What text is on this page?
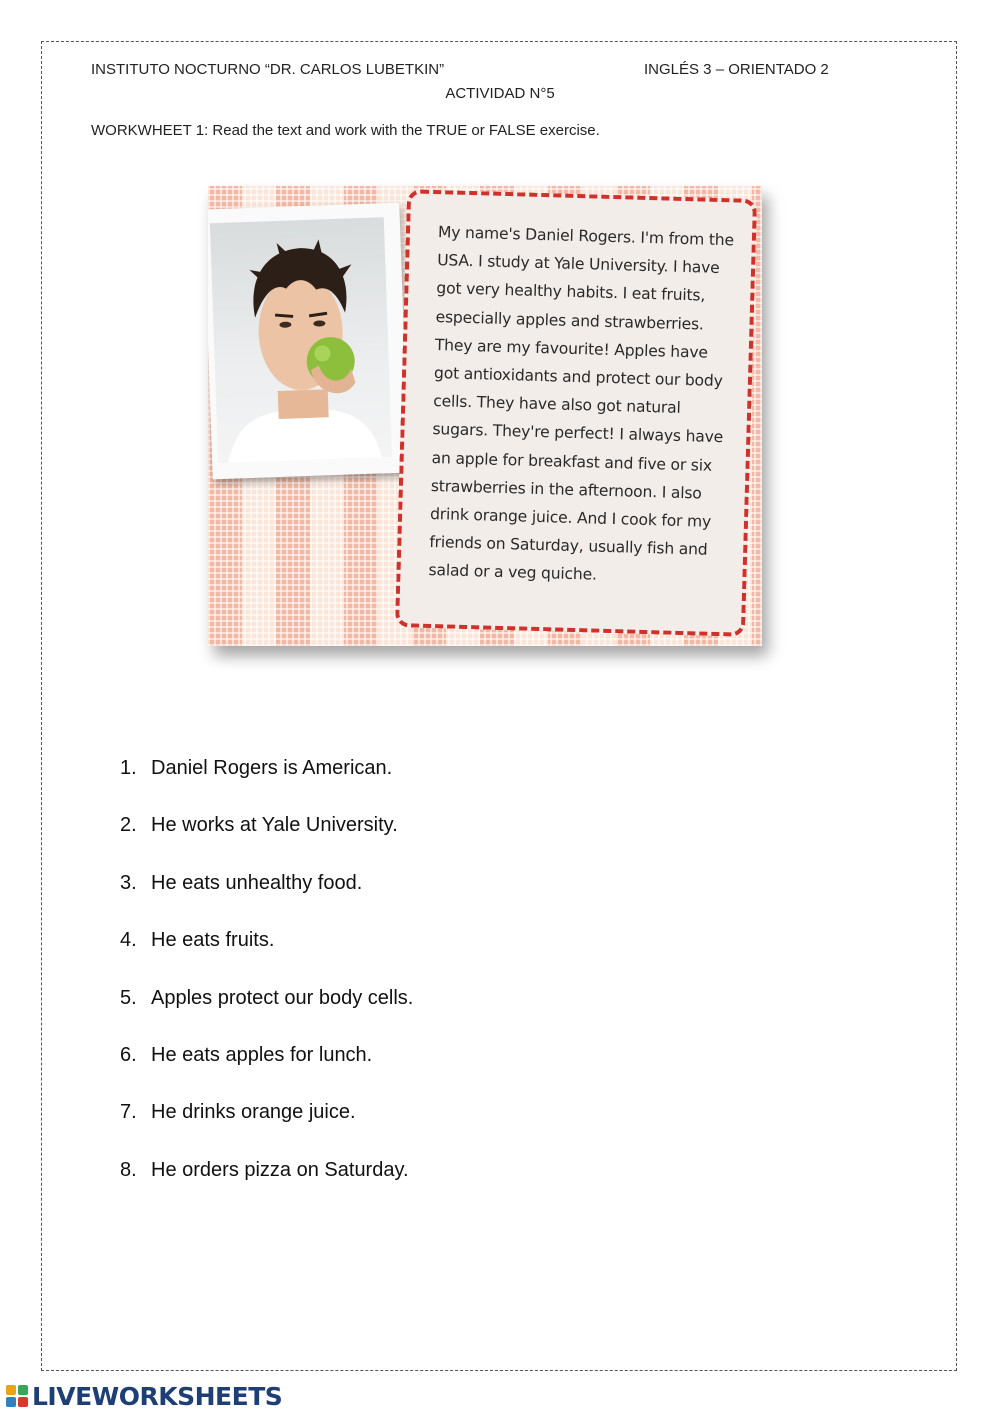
INSTITUTO NOCTURNO “DR. CARLOS LUBETKIN”	INGLÉS 3 – ORIENTADO 2
ACTIVIDAD N°5
WORKWHEET 1: Read the text and work with the TRUE or FALSE exercise.

My name's Daniel Rogers. I'm from the USA. I study at Yale University. I have got very healthy habits. I eat fruits, especially apples and strawberries. They are my favourite! Apples have got antioxidants and protect our body cells. They have also got natural sugars. They're perfect! I always have an apple for breakfast and five or six strawberries in the afternoon. I also drink orange juice. And I cook for my friends on Saturday, usually fish and salad or a veg quiche.

1. Daniel Rogers is American.
2. He works at Yale University.
3. He eats unhealthy food.
4. He eats fruits.
5. Apples protect our body cells.
6. He eats apples for lunch.
7. He drinks orange juice.
8. He orders pizza on Saturday.
LIVEWORKSHEETS
